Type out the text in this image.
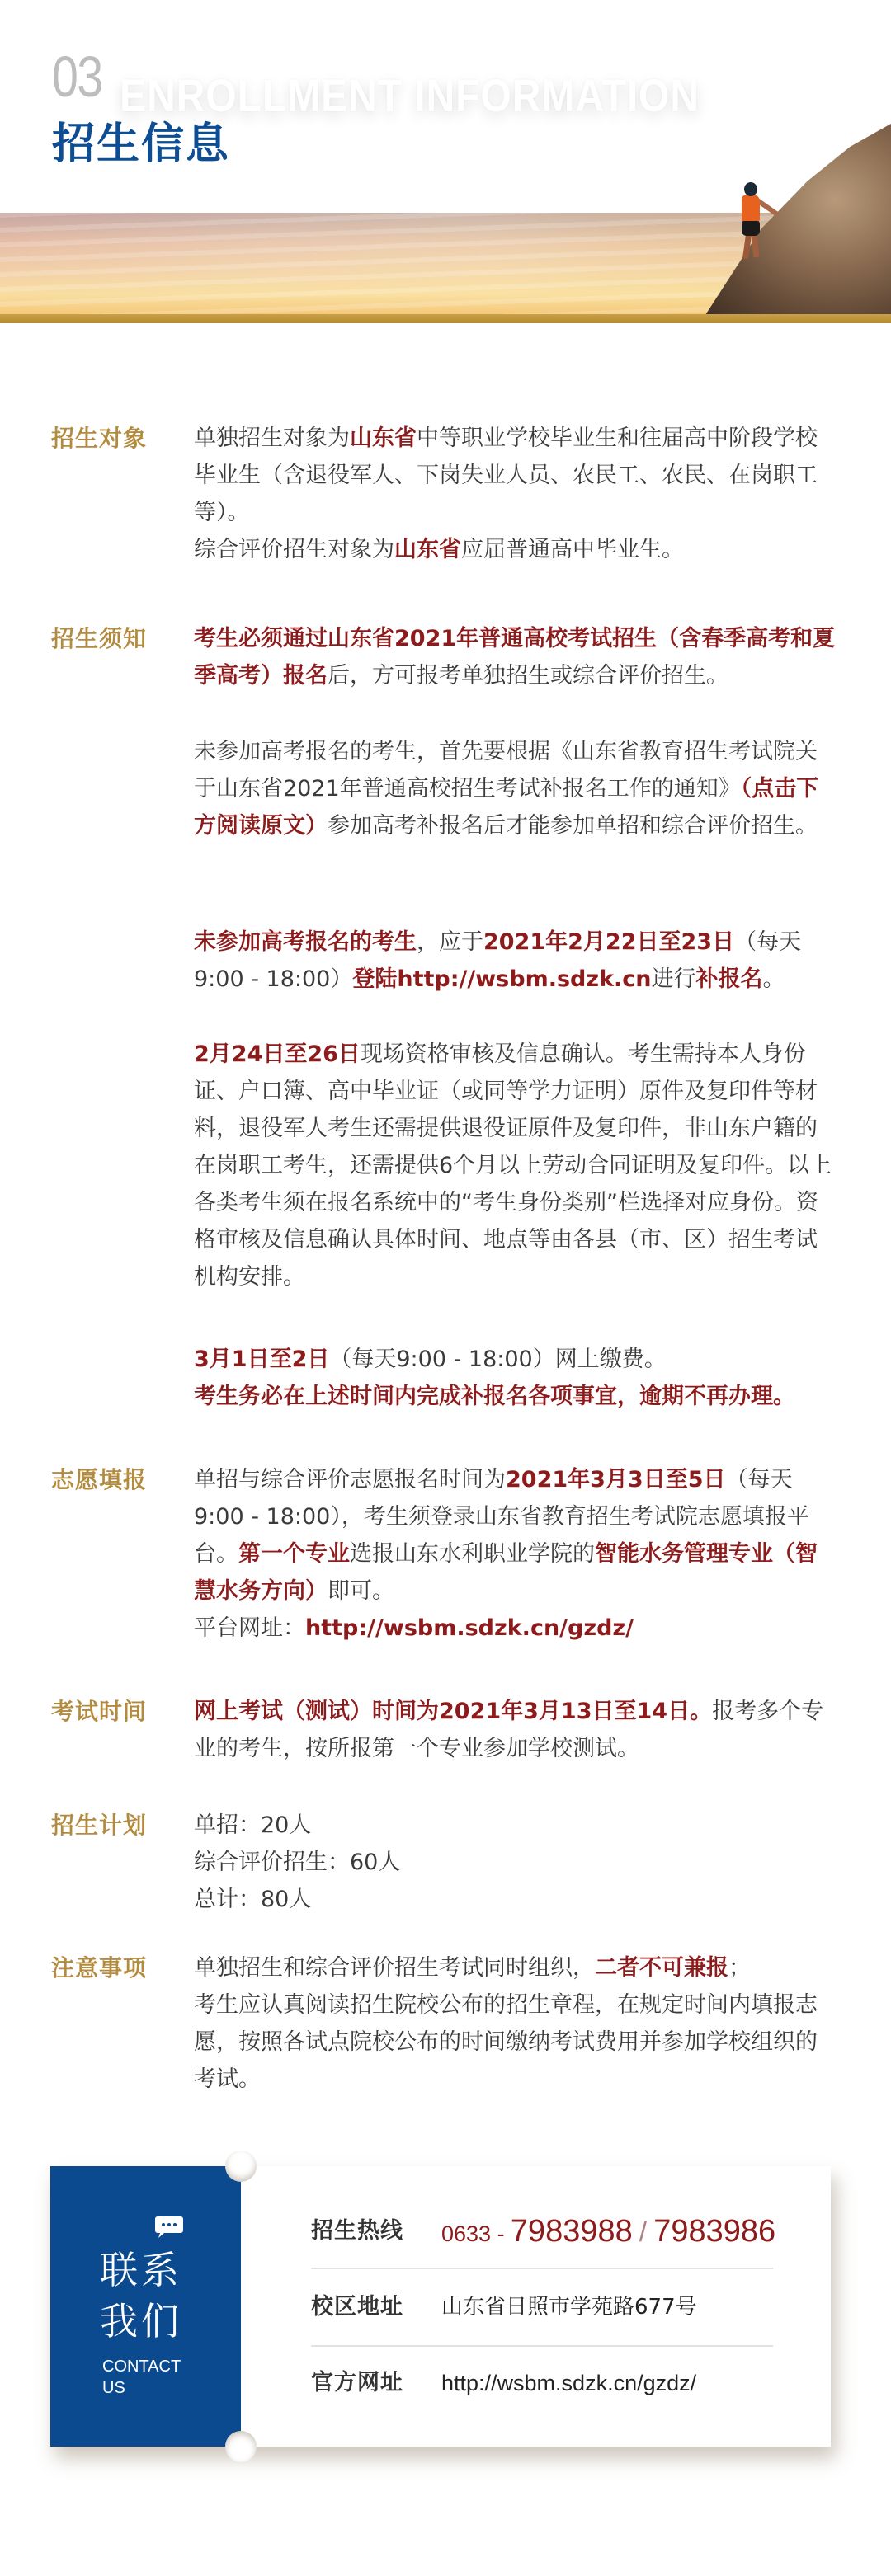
ENROLLMENT INFORMATION
03
招生信息
招生对象 单独招生对象为山东省中等职业学校毕业生和往届高中阶段学校毕业生（含退役军人、下岗失业人员、农民工、农民、在岗职工等）。

综合评价招生对象为山东省应届普通高中毕业生。

招生须知 考生必须通过山东省2021年普通高校考试招生（含春季高考和夏季高考）报名后，方可报考单独招生或综合评价招生。

未参加高考报名的考生，首先要根据《山东省教育招生考试院关于山东省2021年普通高校招生考试补报名工作的通知》（点击下方阅读原文）参加高考补报名后才能参加单招和综合评价招生。

未参加高考报名的考生，应于2021年2月22日至23日（每天9:00 - 18:00）登陆http://wsbm.sdzk.cn进行补报名。

2月24日至26日现场资格审核及信息确认。考生需持本人身份证、户口簿、高中毕业证（或同等学力证明）原件及复印件等材料，退役军人考生还需提供退役证原件及复印件，非山东户籍的在岗职工考生，还需提供6个月以上劳动合同证明及复印件。以上各类考生须在报名系统中的“考生身份类别”栏选择对应身份。资格审核及信息确认具体时间、地点等由各县（市、区）招生考试机构安排。

3月1日至2日（每天9:00 - 18:00）网上缴费。

考生务必在上述时间内完成补报名各项事宜，逾期不再办理。

志愿填报 单招与综合评价志愿报名时间为2021年3月3日至5日（每天9:00 - 18:00），考生须登录山东省教育招生考试院志愿填报平台。第一个专业选报山东水利职业学院的智能水务管理专业（智慧水务方向）即可。

平台网址：http://wsbm.sdzk.cn/gzdz/

考试时间 网上考试（测试）时间为2021年3月13日至14日。报考多个专业的考生，按所报第一个专业参加学校测试。

招生计划 单招：20人

综合评价招生：60人

总计：80人

注意事项 单独招生和综合评价招生考试同时组织，二者不可兼报；

考生应认真阅读招生院校公布的招生章程，在规定时间内填报志愿，按照各试点院校公布的时间缴纳考试费用并参加学校组织的考试。

联系我们
CONTACT US
招生热线 0633 - 7983988 / 7983986
校区地址 山东省日照市学苑路677号
官方网址 http://wsbm.sdzk.cn/gzdz/
